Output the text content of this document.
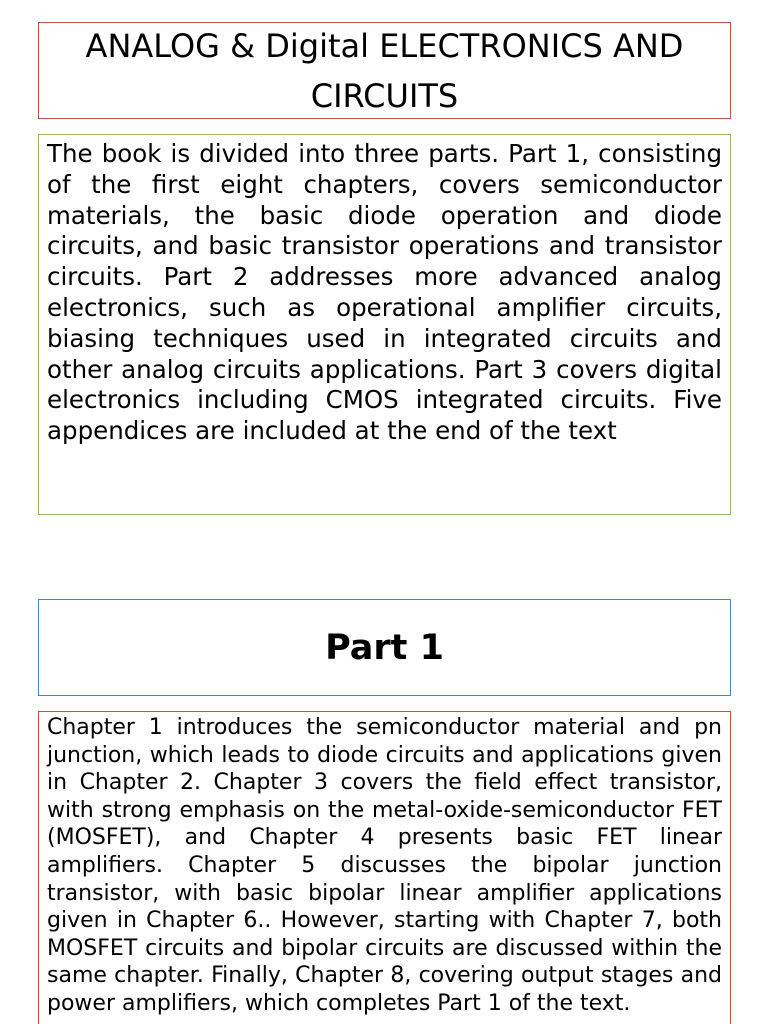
ANALOG & Digital ELECTRONICS AND CIRCUITS

The book is divided into three parts. Part 1, consisting of the first eight chapters, covers semiconductor materials, the basic diode operation and diode circuits, and basic transistor operations and transistor circuits. Part 2 addresses more advanced analog electronics, such as operational amplifier circuits, biasing techniques used in integrated circuits and other analog circuits applications. Part 3 covers digital electronics including CMOS integrated circuits. Five appendices are included at the end of the text

Part 1

Chapter 1 introduces the semiconductor material and pn junction, which leads to diode circuits and applications given in Chapter 2. Chapter 3 covers the field effect transistor, with strong emphasis on the metal-oxide-semiconductor FET (MOSFET), and Chapter 4 presents basic FET linear amplifiers. Chapter 5 discusses the bipolar junction transistor, with basic bipolar linear amplifier applications given in Chapter 6.. However, starting with Chapter 7, both MOSFET circuits and bipolar circuits are discussed within the same chapter. Finally, Chapter 8, covering output stages and power amplifiers, which completes Part 1 of the text.
